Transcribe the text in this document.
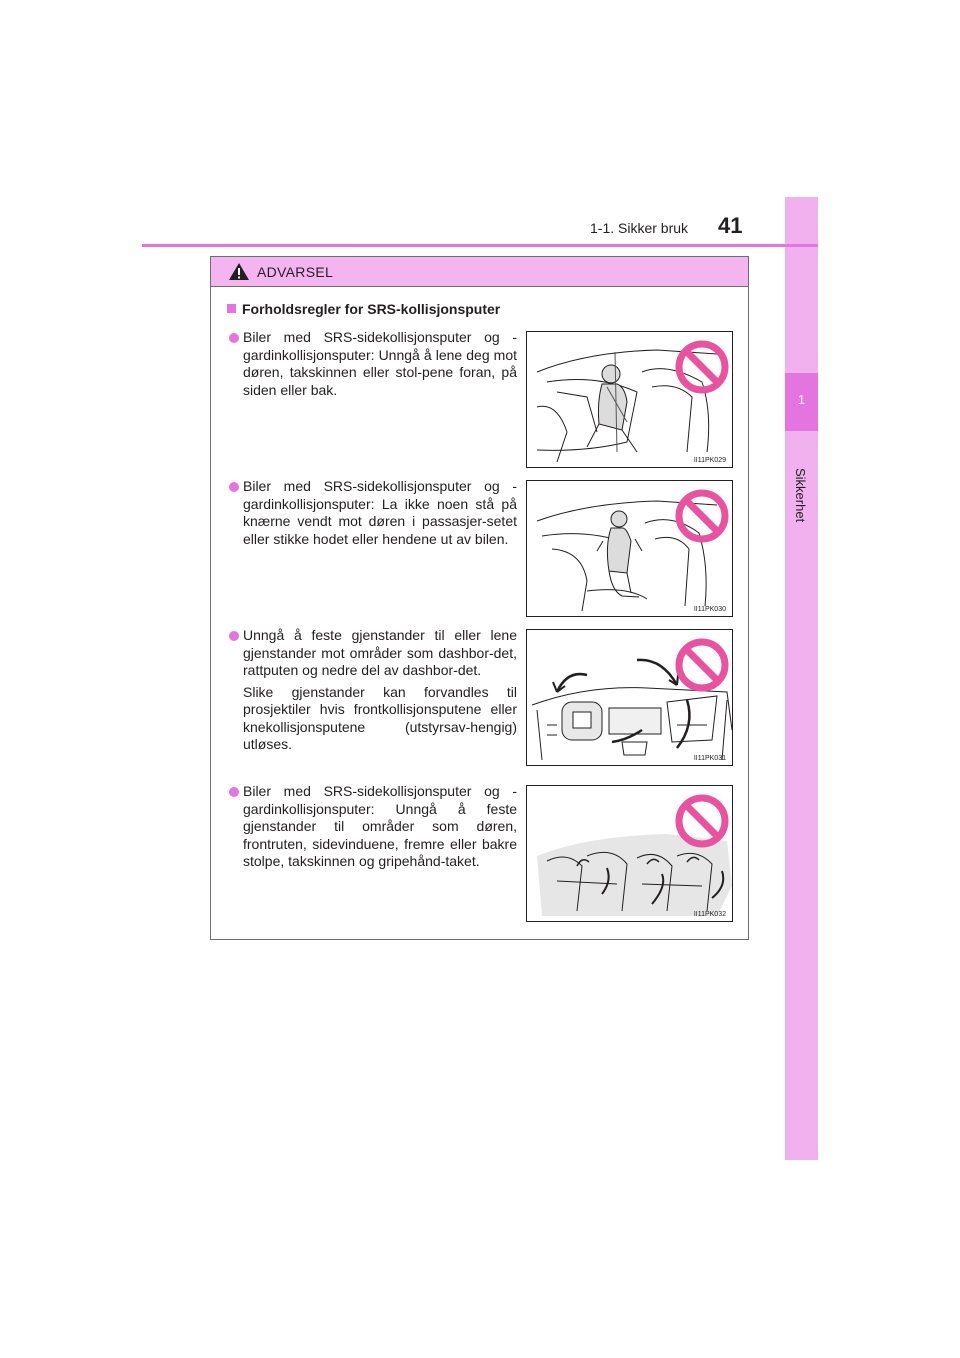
1
Sikkerhet
1-1. Sikker bruk 41
ADVARSEL
Forholdsregler for SRS-kollisjonsputer

Biler med SRS-sidekollisjonsputer og -gardinkollisjonsputer: Unngå å lene deg mot døren, takskinnen eller stol-pene foran, på siden eller bak.

II11PK029

Biler med SRS-sidekollisjonsputer og -gardinkollisjonsputer: La ikke noen stå på knærne vendt mot døren i passasjer-setet eller stikke hodet eller hendene ut av bilen.

II11PK030

Unngå å feste gjenstander til eller lene gjenstander mot områder som dashbor-det, rattputen og nedre del av dashbor-det.

Slike gjenstander kan forvandles til prosjektiler hvis frontkollisjonsputene eller knekollisjonsputene (utstyrsav-hengig) utløses.

II11PK031

Biler med SRS-sidekollisjonsputer og -gardinkollisjonsputer: Unngå å feste gjenstander til områder som døren, frontruten, sidevinduene, fremre eller bakre stolpe, takskinnen og gripehånd-taket.

II11PK032
